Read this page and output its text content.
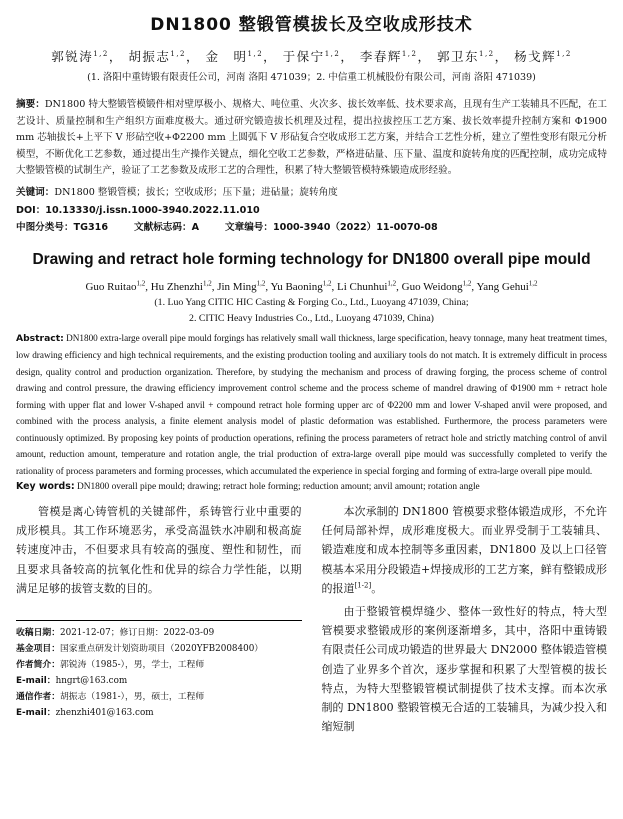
DN1800 整锻管模拔长及空收成形技术
郭锐涛$^{1,2}$， 胡振志$^{1,2}$， 金　明$^{1,2}$， 于保宁$^{1,2}$， 李春辉$^{1,2}$， 郭卫东$^{1,2}$， 杨戈辉$^{1,2}$
(1. 洛阳中重铸锻有限责任公司，河南 洛阳 471039；2. 中信重工机械股份有限公司，河南 洛阳 471039)
摘要：DN1800 特大整锻管模锻件相对壁厚极小、规格大、吨位重、火次多、拔长效率低、技术要求高，且现有生产工装辅具不匹配，在工艺设计、质量控制和生产组织方面难度极大。通过研究锻造拔长机理及过程，提出拉拔控压工艺方案、拔长效率提升控制方案和 Φ1900 mm 芯轴拔长+上平下 V 形砧空收+Φ2200 mm 上圆弧下 V 形砧复合空收成形工艺方案，并结合工艺性分析，建立了塑性变形有限元分析模型，不断优化工艺参数，通过提出生产操作关键点，细化空收工艺参数，严格进砧量、压下量、温度和旋转角度的匹配控制，成功完成特大整锻管模的试制生产，验证了工艺参数及成形工艺的合理性，积累了特大整锻管模特殊锻造成形经验。
关键词：DN1800 整锻管模；拔长；空收成形；压下量；进砧量；旋转角度
DOI：10.13330/j.issn.1000-3940.2022.11.010
中图分类号：TG316	文献标志码：A	文章编号：1000-3940（2022）11-0070-08
Drawing and retract hole forming technology for DN1800 overall pipe mould
Guo Ruitao$^{1,2}$, Hu Zhenzhi$^{1,2}$, Jin Ming$^{1,2}$, Yu Baoning$^{1,2}$, Li Chunhui$^{1,2}$, Guo Weidong$^{1,2}$, Yang Gehui$^{1,2}$
(1. Luo Yang CITIC HIC Casting & Forging Co., Ltd., Luoyang 471039, China;
2. CITIC Heavy Industries Co., Ltd., Luoyang 471039, China)
Abstract: DN1800 extra-large overall pipe mould forgings has relatively small wall thickness, large specification, heavy tonnage, many heat treatment times, low drawing efficiency and high technical requirements, and the existing production tooling and auxiliary tools do not match. It is extremely difficult in process design, quality control and production organization. Therefore, by studying the mechanism and process of drawing forging, the process scheme of control drawing and control pressure, the drawing efficiency improvement control scheme and the process scheme of mandrel drawing of Φ1900 mm + retract hole forming with upper flat and lower V-shaped anvil + compound retract hole forming upper arc of Φ2200 mm and lower V-shaped anvil were proposed, and combined with the process analysis, a finite element analysis model of plastic deformation was established. Furthermore, the process parameters were continuously optimized. By proposing key points of production operations, refining the process parameters of retract hole and strictly matching control of anvil amount, reduction amount, temperature and rotation angle, the trial production of extra-large overall pipe mould was successfully completed to verify the rationality of process parameters and forming processes, which accumulated the experience in special forging and forming of extra-large overall pipe mould.
Key words: DN1800 overall pipe mould; drawing; retract hole forming; reduction amount; anvil amount; rotation angle

管模是离心铸管机的关键部件，系铸管行业中重要的成形模具。其工作环境恶劣，承受高温铁水冲刷和极高旋转速度冲击，不但要求具有较高的强度、塑性和韧性，而且要求具备较高的抗氧化性和优异的综合力学性能，以期满足足够的拔管支数的目的。

收稿日期：2021-12-07；修订日期：2022-03-09
基金项目：国家重点研发计划资助项目（2020YFB2008400）
作者简介：郭锐涛（1985-），男，学士，工程师
E-mail：hngrt@163.com
通信作者：胡振志（1981-），男，硕士，工程师
E-mail：zhenzhi401@163.com

本次承制的 DN1800 管模要求整体锻造成形，不允许任何局部补焊，成形难度极大。而业界受制于工装辅具、锻造难度和成本控制等多重因素，DN1800 及以上口径管模基本采用分段锻造+焊接成形的工艺方案，鲜有整锻成形的报道[1-2]。

由于整锻管模焊缝少、整体一致性好的特点，特大型管模要求整锻成形的案例逐渐增多，其中，洛阳中重铸锻有限责任公司成功锻造的世界最大 DN2000 整体锻造管模创造了业界多个首次，逐步掌握和积累了大型管模的拔长特点，为特大型整锻管模试制提供了技术支撑。而本次承制的 DN1800 整锻管模无合适的工装辅具，为减少投入和缩短制
